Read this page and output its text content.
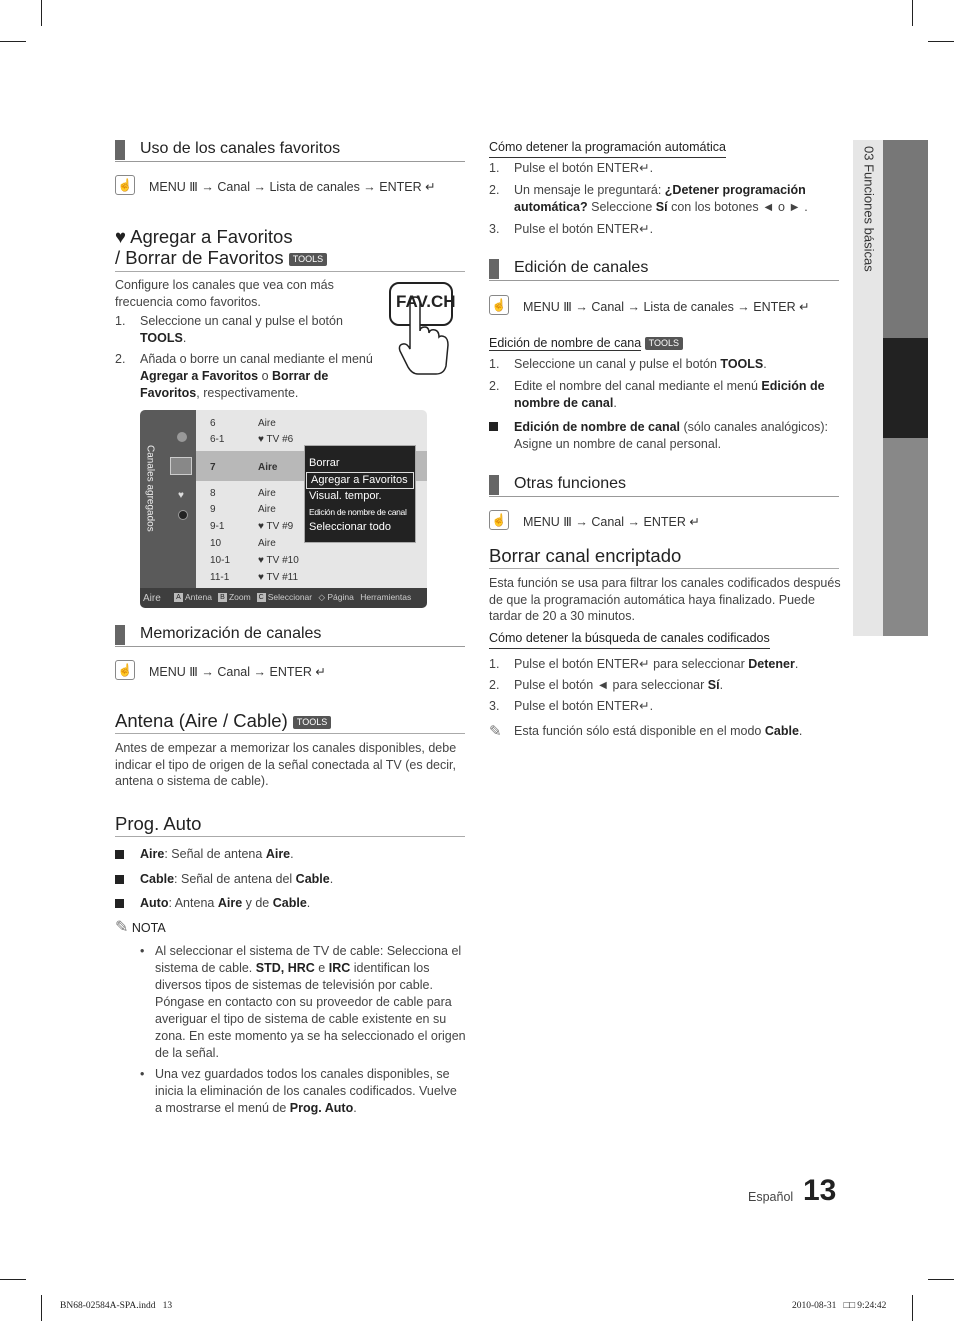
Uso de los canales favoritos
☝ MENU Ⅲ → Canal → Lista de canales → ENTER ↵
♥ Agregar a Favoritos
/ Borrar de Favoritos TOOLS
Configure los canales que vea con más frecuencia como favoritos.
1. Seleccione un canal y pulse el botón TOOLS.
2. Añada o borre un canal mediante el menú Agregar a Favoritos o Borrar de Favoritos, respectivamente.
FAV.CH
Canales agregados ♥
6	Aire
6-1	♥ TV #6
7	Aire
8	Aire
9	Aire
9-1	♥ TV #9
10	Aire
10-1	♥ TV #10
11-1	♥ TV #11
Borrar
Agregar a Favoritos
Visual. tempor.
Edición de nombre de canal
Seleccionar todo
Aire	A Antena B Zoom C Seleccionar ◇ Página Herramientas
Memorización de canales
☝ MENU Ⅲ → Canal → ENTER ↵
Antena (Aire / Cable) TOOLS
Antes de empezar a memorizar los canales disponibles, debe indicar el tipo de origen de la señal conectada al TV (es decir, antena o sistema de cable).
Prog. Auto
Aire: Señal de antena Aire.
Cable: Señal de antena del Cable.
Auto: Antena Aire y de Cable.
✎ NOTA
• Al seleccionar el sistema de TV de cable: Selecciona el sistema de cable. STD, HRC e IRC identifican los diversos tipos de sistemas de televisión por cable. Póngase en contacto con su proveedor de cable para averiguar el tipo de sistema de cable existente en su zona. En este momento ya se ha seleccionado el origen de la señal.
• Una vez guardados todos los canales disponibles, se inicia la eliminación de los canales codificados. Vuelve a mostrarse el menú de Prog. Auto.
Cómo detener la programación automática
1. Pulse el botón ENTER↵.
2. Un mensaje le preguntará: ¿Detener programación automática? Seleccione Sí con los botones ◄ o ► .
3. Pulse el botón ENTER↵.
Edición de canales
☝ MENU Ⅲ → Canal → Lista de canales → ENTER ↵
Edición de nombre de cana TOOLS
1. Seleccione un canal y pulse el botón TOOLS.
2. Edite el nombre del canal mediante el menú Edición de nombre de canal.
Edición de nombre de canal (sólo canales analógicos): Asigne un nombre de canal personal.
Otras funciones
☝ MENU Ⅲ → Canal → ENTER ↵
Borrar canal encriptado
Esta función se usa para filtrar los canales codificados después de que la programación automática haya finalizado. Puede tardar de 20 a 30 minutos.
Cómo detener la búsqueda de canales codificados
1. Pulse el botón ENTER↵ para seleccionar Detener.
2. Pulse el botón ◄ para seleccionar Sí.
3. Pulse el botón ENTER↵.
✎ Esta función sólo está disponible en el modo Cable.
03 Funciones básicas
Español 13
BN68-02584A-SPA.indd   13	2010-08-31   □□ 9:24:42
